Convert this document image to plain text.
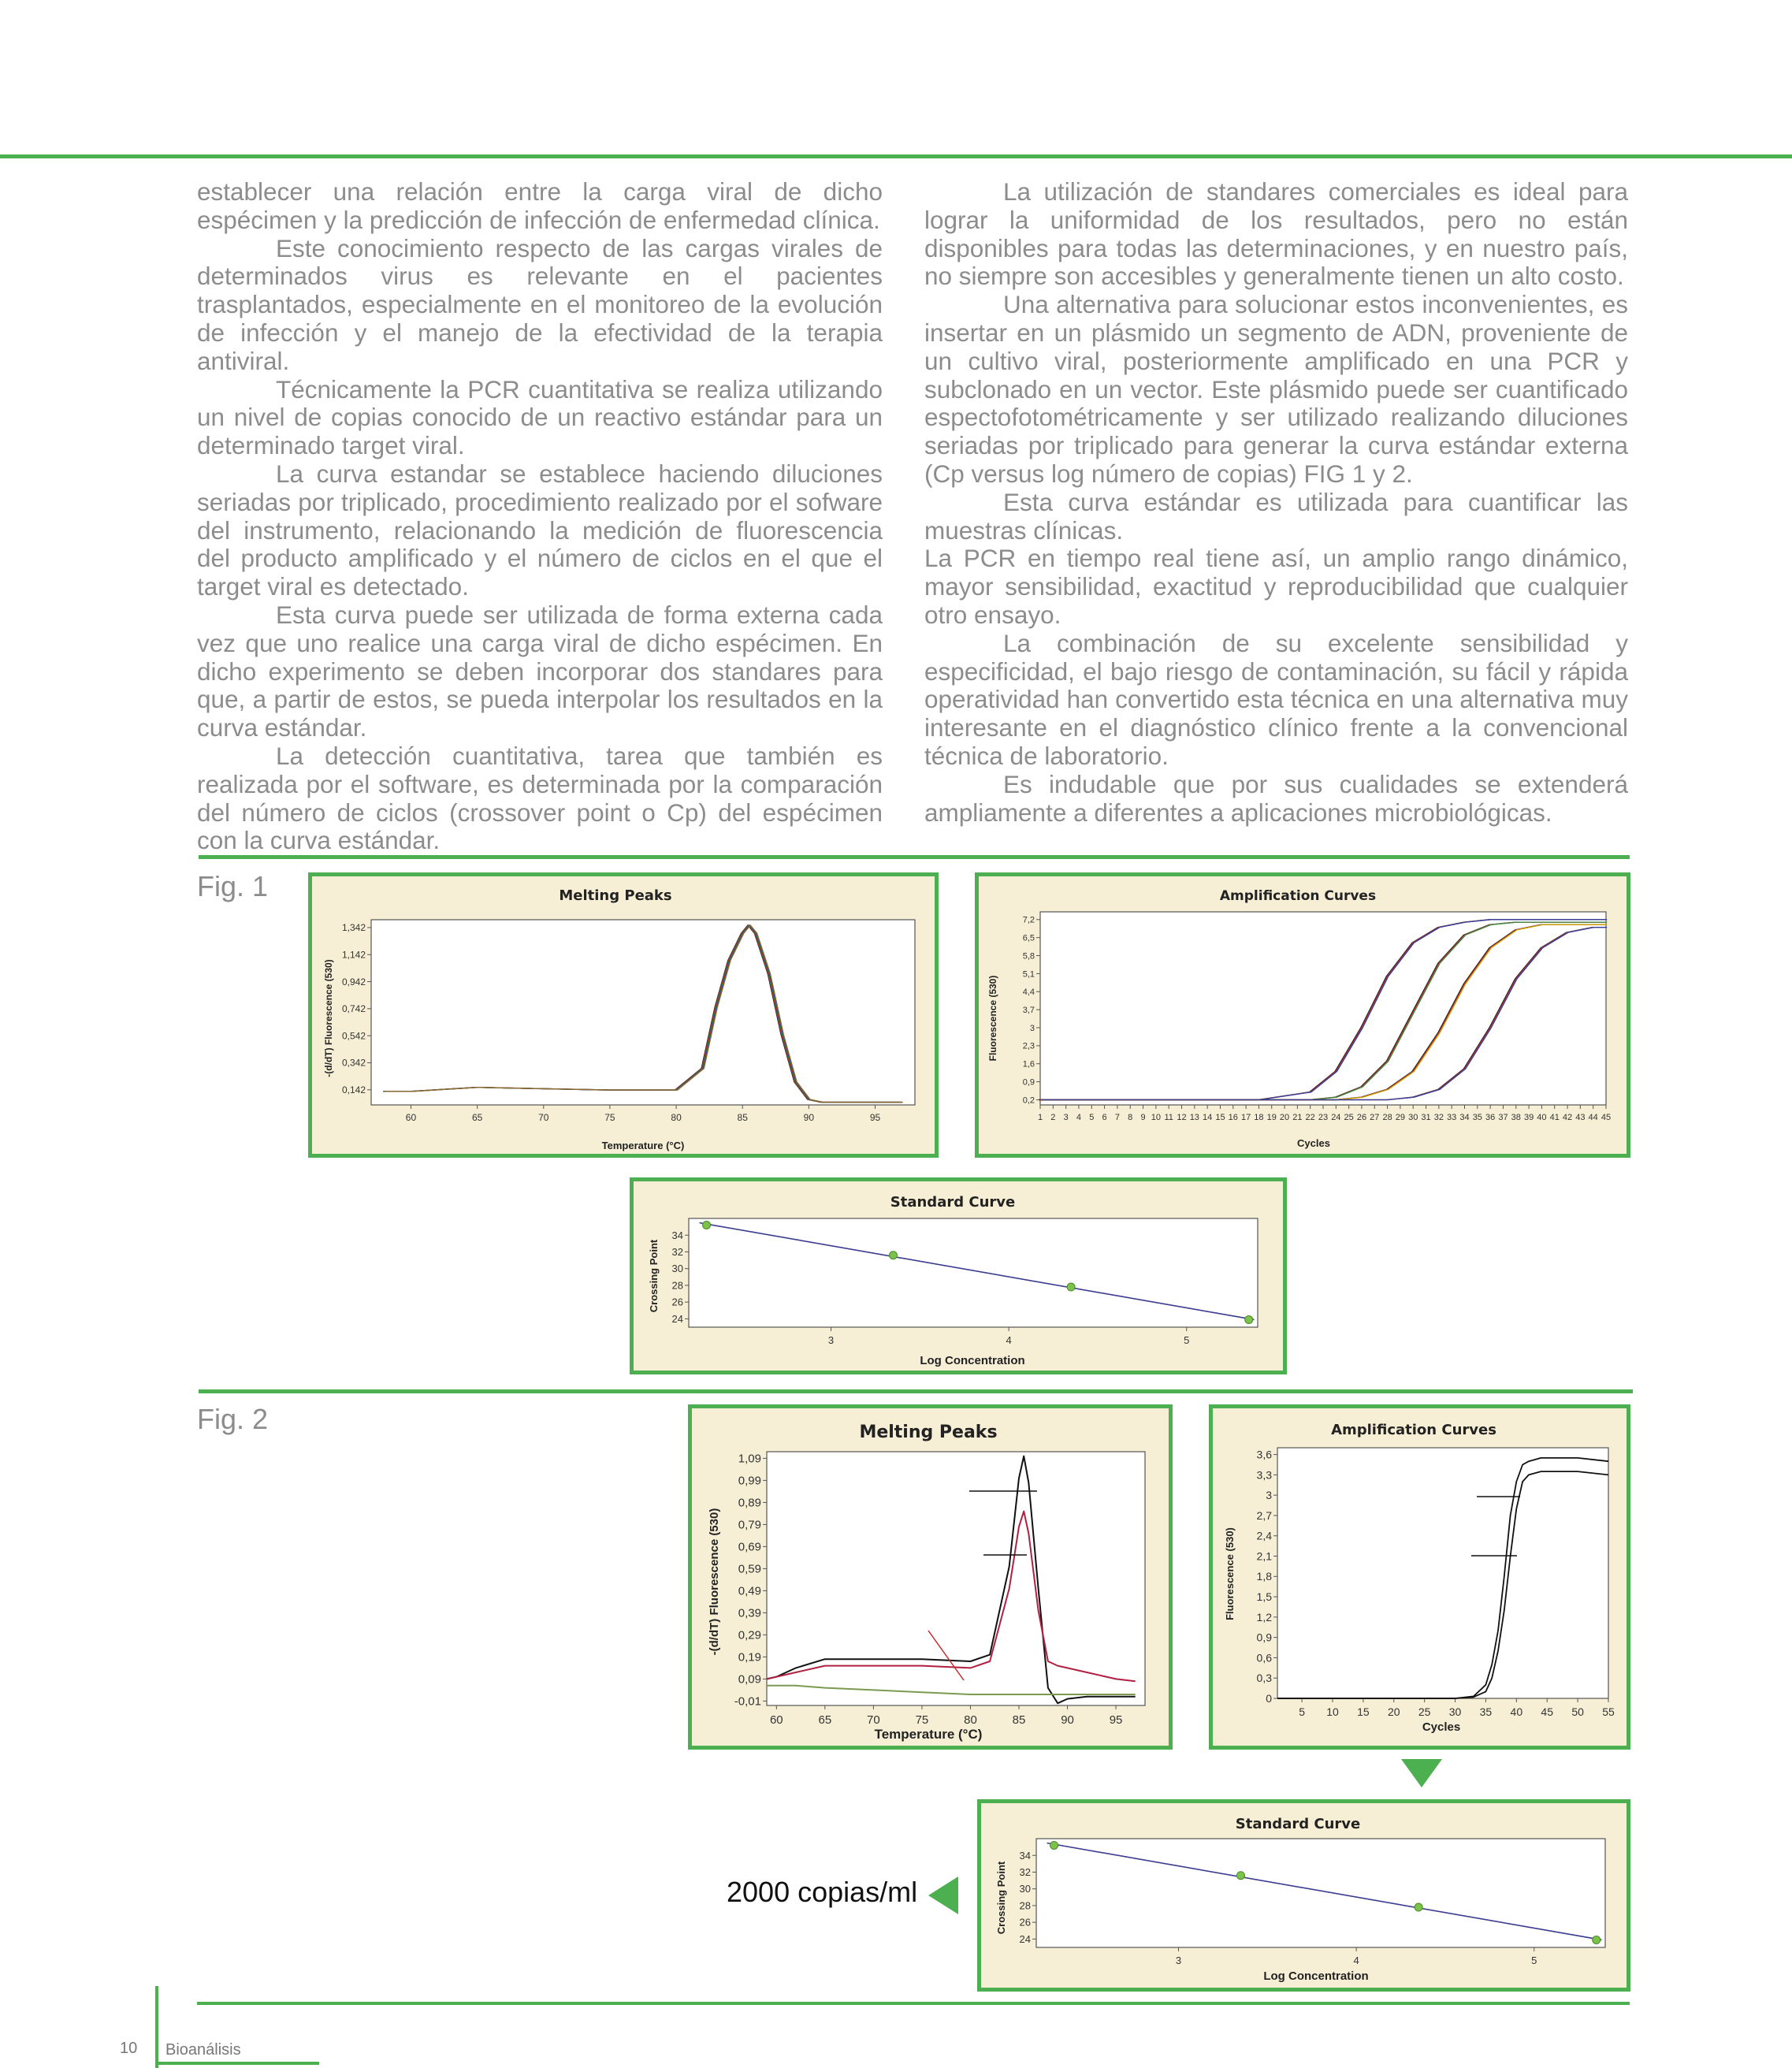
establecer una relación entre la carga viral de dicho espécimen y la predicción de infección de enfermedad clínica.

Este conocimiento respecto de las cargas virales de determinados virus es relevante en el pacientes trasplantados, especialmente en el monitoreo de la evolución de infección y el manejo de la efectividad de la terapia antiviral.

Técnicamente la PCR cuantitativa se realiza utilizando un nivel de copias conocido de un reactivo estándar para un determinado target viral.

La curva estandar se establece haciendo diluciones seriadas por triplicado, procedimiento realizado por el sofware del instrumento, relacionando la medición de fluorescencia del producto amplificado y el número de ciclos en el que el target viral es detectado.

Esta curva puede ser utilizada de forma externa cada vez que uno realice una carga viral de dicho espécimen. En dicho experimento se deben incorporar dos standares para que, a partir de estos, se pueda interpolar los resultados en la curva estándar.

La detección cuantitativa, tarea que también es realizada por el software, es determinada por la comparación del número de ciclos (crossover point o Cp) del espécimen con la curva estándar.

La utilización de standares comerciales es ideal para lograr la uniformidad de los resultados, pero no están disponibles para todas las determinaciones, y en nuestro país, no siempre son accesibles y generalmente tienen un alto costo.

Una alternativa para solucionar estos inconvenientes, es insertar en un plásmido un segmento de ADN, proveniente de un cultivo viral, posteriormente amplificado en una PCR y subclonado en un vector. Este plásmido puede ser cuantificado espectofotométricamente y ser utilizado realizando diluciones seriadas por triplicado para generar la curva estándar externa (Cp versus log número de copias) FIG 1 y 2.

Esta curva estándar es utilizada para cuantificar las muestras clínicas.

La PCR en tiempo real tiene así, un amplio rango dinámico, mayor sensibilidad, exactitud y reproducibilidad que cualquier otro ensayo.

La combinación de su excelente sensibilidad y especificidad, el bajo riesgo de contaminación, su fácil y rápida operatividad han convertido esta técnica en una alternativa muy interesante en el diagnóstico clínico frente a la convencional técnica de laboratorio.

Es indudable que por sus cualidades se extenderá ampliamente a diferentes a aplicaciones microbiológicas.

Fig. 1	Melting Peaks
-(d/dT) Fluorescence (530)
Temperature (°C)
1,342
1,142
0,942
0,742
0,542
0,342
0,142
60	65	70	75	80	85	90	95
Amplification Curves
Fluorescence (530)
Cycles
7,2
6,5
5,8
5,1
4,4
3,7
3
2,3
1,6
0,9
0,2
1 2 3 4 5 6 7 8 9 10 11 12 13 14 15 16 17 18 19 20 21 22 23 24 25 26 27 28 29 30 31 32 33 34 35 36 37 38 39 40 41 42 43 44 45
Standard Curve
Crossing Point
Log Concentration
34
32
30
28
26
24
3	4	5
Fig. 2	Melting Peaks
-(d/dT) Fluorescence (530)
Temperature (°C)
1,09
0,99
0,89
0,79
0,69
0,59
0,49
0,39
0,29
0,19
0,09
-0,01
60	65	70	75	80	85	90	95
Amplification Curves
Fluorescence (530)
Cycles
3,6
3,3
3
2,7
2,4
2,1
1,8
1,5
1,2
0,9
0,6
0,3
0
5 10 15 20 25 30 35 40 45 50 55
Standard Curve
Crossing Point
Log Concentration
34
32
30
28
26
24
3	4	5
2000 copias/ml
10 Bioanálisis
